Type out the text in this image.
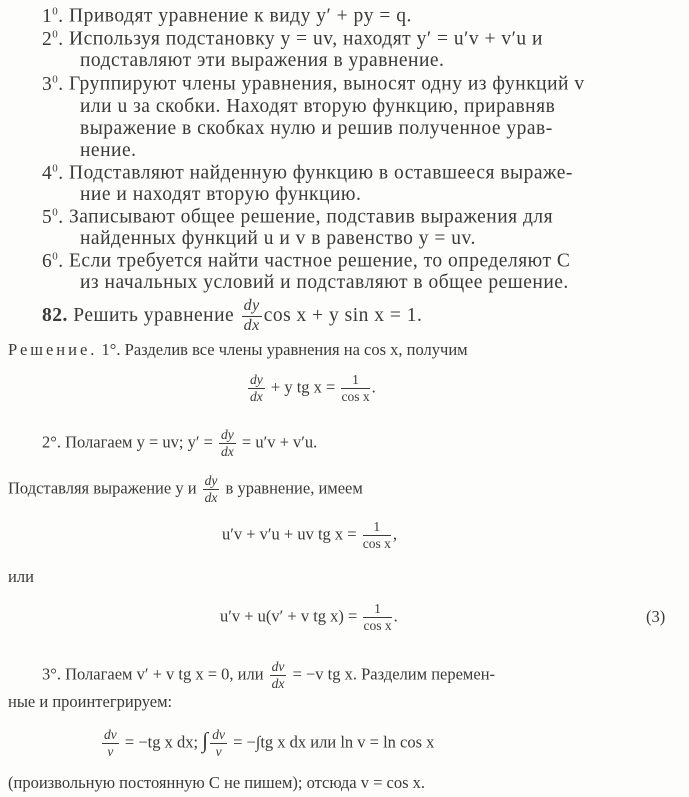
$1^0$. Приводят уравнение к виду y′ + py = q.
$2^0$. Используя подстановку y = uv, находят y′ = u′v + v′u и
подставляют эти выражения в уравнение.
$3^0$. Группируют члены уравнения, выносят одну из функций v
или u за скобки. Находят вторую функцию, приравняв
выражение в скобках нулю и решив полученное урав-
нение.
$4^0$. Подставляют найденную функцию в оставшееся выраже-
ние и находят вторую функцию.
$5^0$. Записывают общее решение, подставив выражения для
найденных функций u и v в равенство y = uv.
$6^0$. Если требуется найти частное решение, то определяют C
из начальных условий и подставляют в общее решение.
82. Решить уравнение $\frac{dy}{dx}$ cos x + y sin x = 1.
Решение. 1°. Разделив все члены уравнения на cos x, получим
$\frac{dy}{dx} + y$ tg $x = \frac{1}{\text{cos x}}$ .
2°. Полагаем y = uv; $y' = \frac{dy}{dx} = u'v + v'u$.
Подставляя выражение y и $\frac{dy}{dx}$ в уравнение, имеем
u′v + v′u + uv tg $x = \frac{1}{\text{cos x}}$ ,
или
u′v + u(v′ + v tg $x) = \frac{1}{\text{cos x}}$ .	(3)
3°. Полагаем v′ + v tg x = 0, или $\frac{dv}{dx} = -v$ tg x. Разделим перемен-
ные и проинтегрируем:
$\frac{dv}{v} = -tg$ x dx; ∫ $\frac{dv}{v} = -\int tg$ x dx или ln v = ln cos x
(произвольную постоянную C не пишем); отсюда v = cos x.
